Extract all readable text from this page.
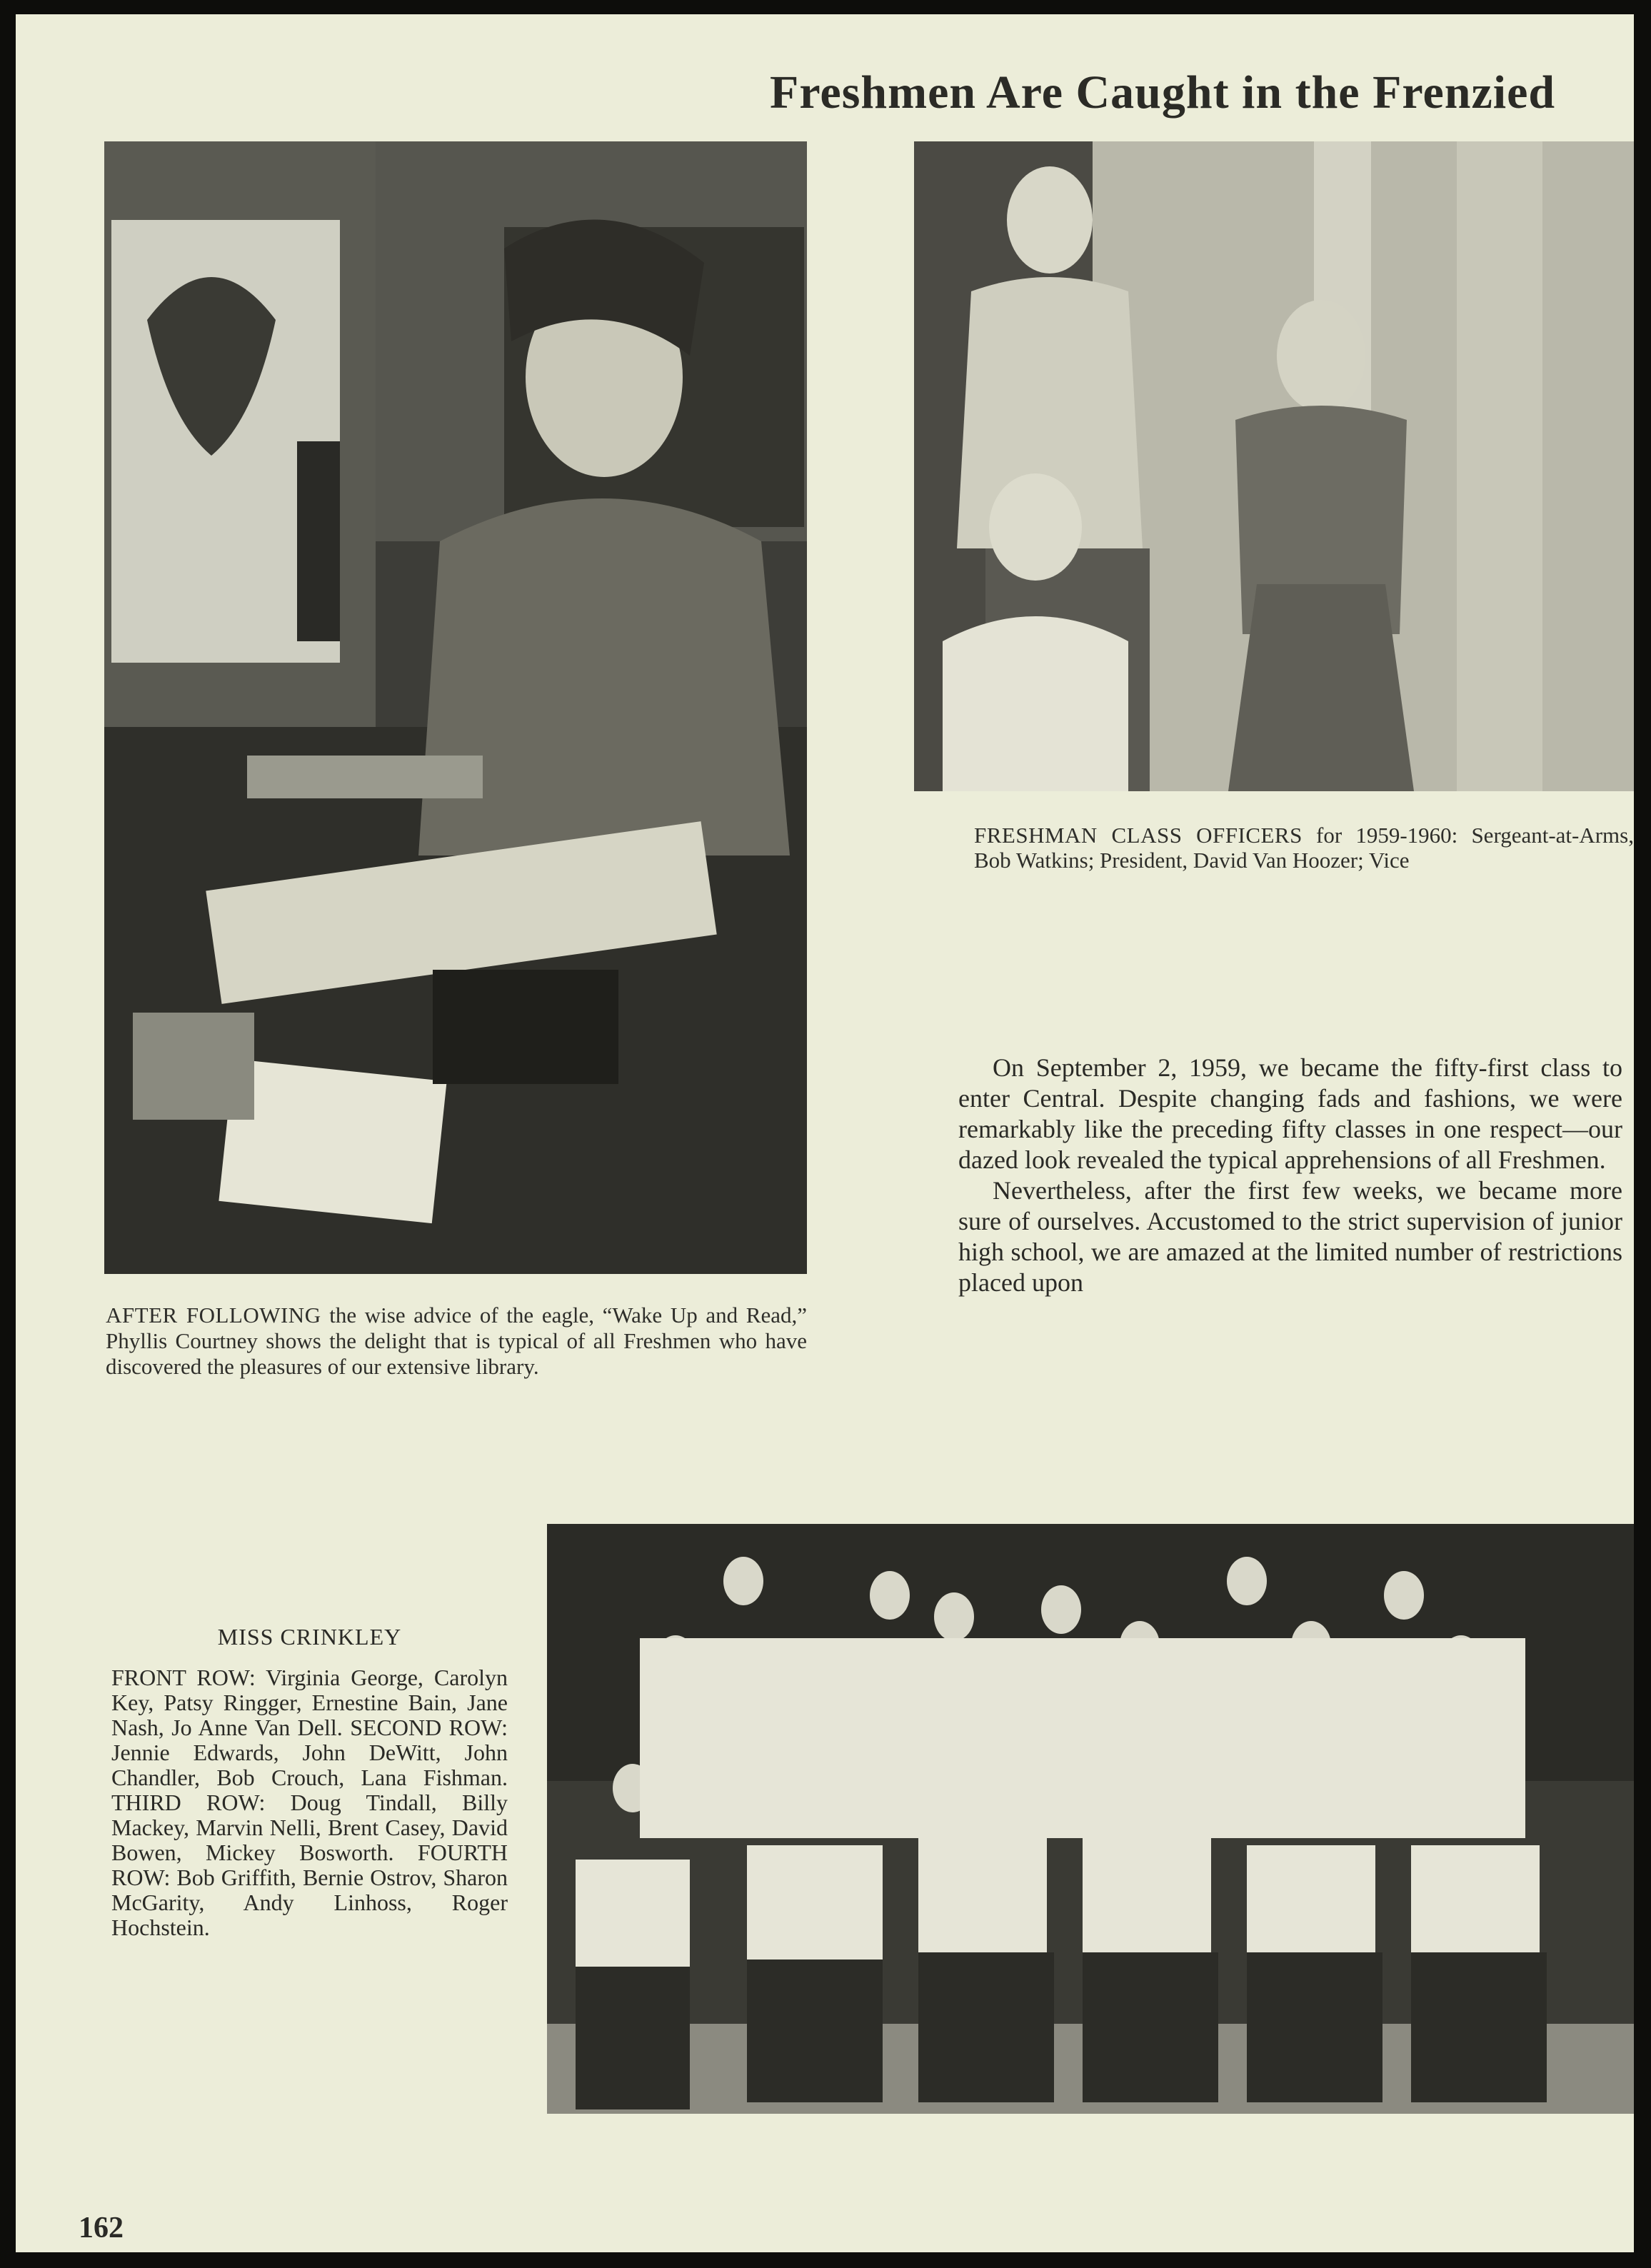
Freshmen Are Caught in the Frenzied
AFTER FOLLOWING the wise advice of the eagle, “Wake Up and Read,” Phyllis Courtney shows the delight that is typical of all Freshmen who have discovered the pleasures of our extensive library.
FRESHMAN CLASS OFFICERS for 1959-1960: Sergeant-at-Arms, Bob Watkins; President, David Van Hoozer; Vice

On September 2, 1959, we became the fifty-first class to enter Central. Despite changing fads and fashions, we were remarkably like the preceding fifty classes in one respect—our dazed look revealed the typical apprehensions of all Freshmen.

Nevertheless, after the first few weeks, we became more sure of ourselves. Accustomed to the strict supervision of junior high school, we are amazed at the limited number of restrictions placed upon

MISS CRINKLEY
FRONT ROW: Virginia George, Carolyn Key, Patsy Ringger, Ernestine Bain, Jane Nash, Jo Anne Van Dell. SECOND ROW: Jennie Edwards, John DeWitt, John Chandler, Bob Crouch, Lana Fishman. THIRD ROW: Doug Tindall, Billy Mackey, Marvin Nelli, Brent Casey, David Bowen, Mickey Bosworth. FOURTH ROW: Bob Griffith, Bernie Ostrov, Sharon McGarity, Andy Linhoss, Roger Hochstein.
162
